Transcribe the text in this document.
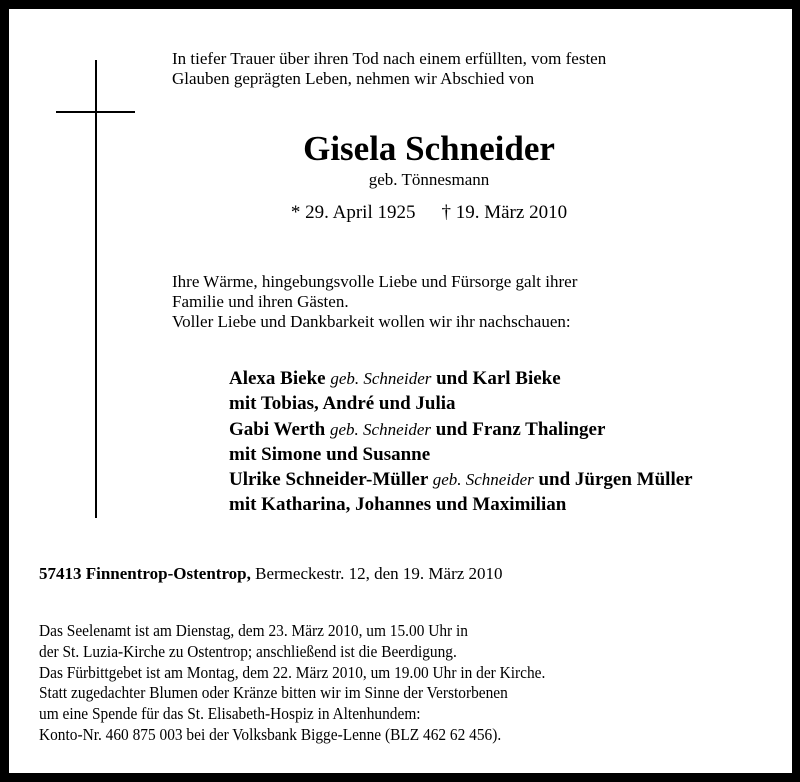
In tiefer Trauer über ihren Tod nach einem erfüllten, vom festen
Glauben geprägten Leben, nehmen wir Abschied von
Gisela Schneider
geb. Tönnesmann
* 29. April 1925 † 19. März 2010
Ihre Wärme, hingebungsvolle Liebe und Fürsorge galt ihrer
Familie und ihren Gästen.
Voller Liebe und Dankbarkeit wollen wir ihr nachschauen:
Alexa Bieke geb. Schneider und Karl Bieke
mit Tobias, André und Julia
Gabi Werth geb. Schneider und Franz Thalinger
mit Simone und Susanne
Ulrike Schneider-Müller geb. Schneider und Jürgen Müller
mit Katharina, Johannes und Maximilian
57413 Finnentrop-Ostentrop, Bermeckestr. 12, den 19. März 2010
Das Seelenamt ist am Dienstag, dem 23. März 2010, um 15.00 Uhr in
der St. Luzia-Kirche zu Ostentrop; anschließend ist die Beerdigung.
Das Fürbittgebet ist am Montag, dem 22. März 2010, um 19.00 Uhr in der Kirche.
Statt zugedachter Blumen oder Kränze bitten wir im Sinne der Verstorbenen
um eine Spende für das St. Elisabeth-Hospiz in Altenhundem:
Konto-Nr. 460 875 003 bei der Volksbank Bigge-Lenne (BLZ 462 62 456).
